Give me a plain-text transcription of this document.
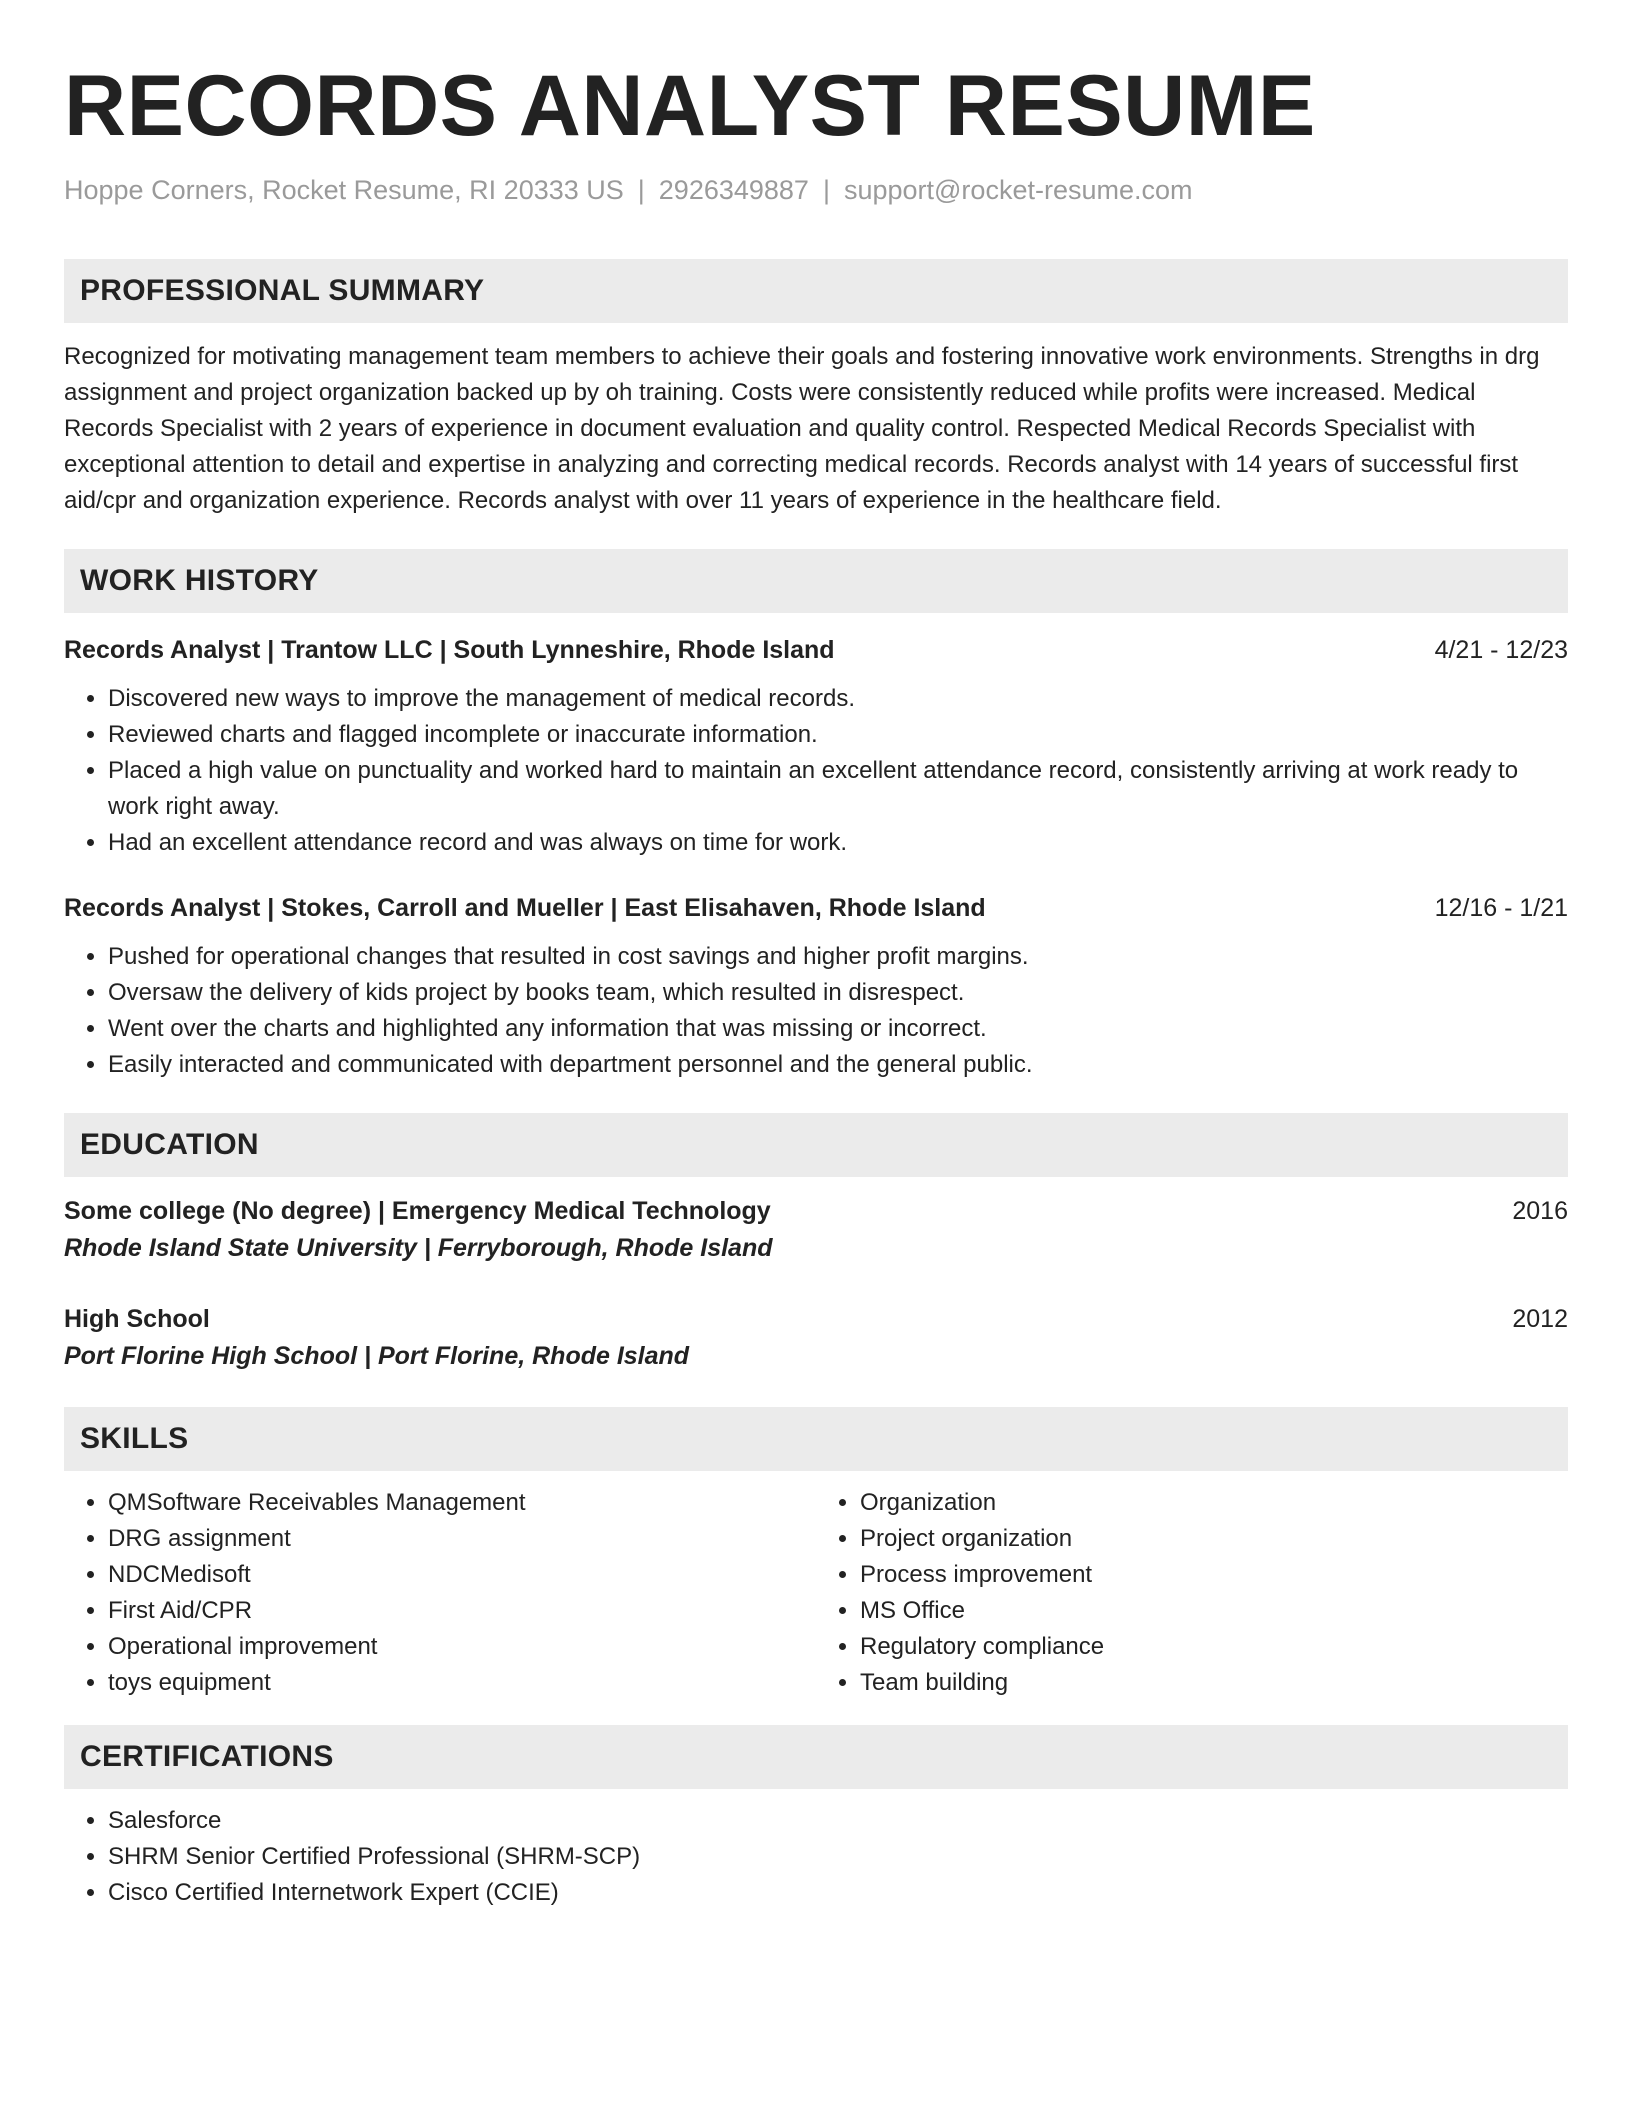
RECORDS ANALYST RESUME
Hoppe Corners, Rocket Resume, RI 20333 US | 2926349887 | support@rocket-resume.com
PROFESSIONAL SUMMARY
Recognized for motivating management team members to achieve their goals and fostering innovative work environments. Strengths in drg assignment and project organization backed up by oh training. Costs were consistently reduced while profits were increased. Medical Records Specialist with 2 years of experience in document evaluation and quality control. Respected Medical Records Specialist with exceptional attention to detail and expertise in analyzing and correcting medical records. Records analyst with 14 years of successful first aid/cpr and organization experience. Records analyst with over 11 years of experience in the healthcare field.
WORK HISTORY
Records Analyst | Trantow LLC | South Lynneshire, Rhode Island	4/21 - 12/23
• Discovered new ways to improve the management of medical records.
• Reviewed charts and flagged incomplete or inaccurate information.
• Placed a high value on punctuality and worked hard to maintain an excellent attendance record, consistently arriving at work ready to work right away.
• Had an excellent attendance record and was always on time for work.
Records Analyst | Stokes, Carroll and Mueller | East Elisahaven, Rhode Island	12/16 - 1/21
• Pushed for operational changes that resulted in cost savings and higher profit margins.
• Oversaw the delivery of kids project by books team, which resulted in disrespect.
• Went over the charts and highlighted any information that was missing or incorrect.
• Easily interacted and communicated with department personnel and the general public.
EDUCATION
Some college (No degree) | Emergency Medical Technology	2016
Rhode Island State University | Ferryborough, Rhode Island
High School	2012
Port Florine High School | Port Florine, Rhode Island
SKILLS
• QMSoftware Receivables Management
• DRG assignment
• NDCMedisoft
• First Aid/CPR
• Operational improvement
• toys equipment
• Organization
• Project organization
• Process improvement
• MS Office
• Regulatory compliance
• Team building
CERTIFICATIONS
• Salesforce
• SHRM Senior Certified Professional (SHRM-SCP)
• Cisco Certified Internetwork Expert (CCIE)
